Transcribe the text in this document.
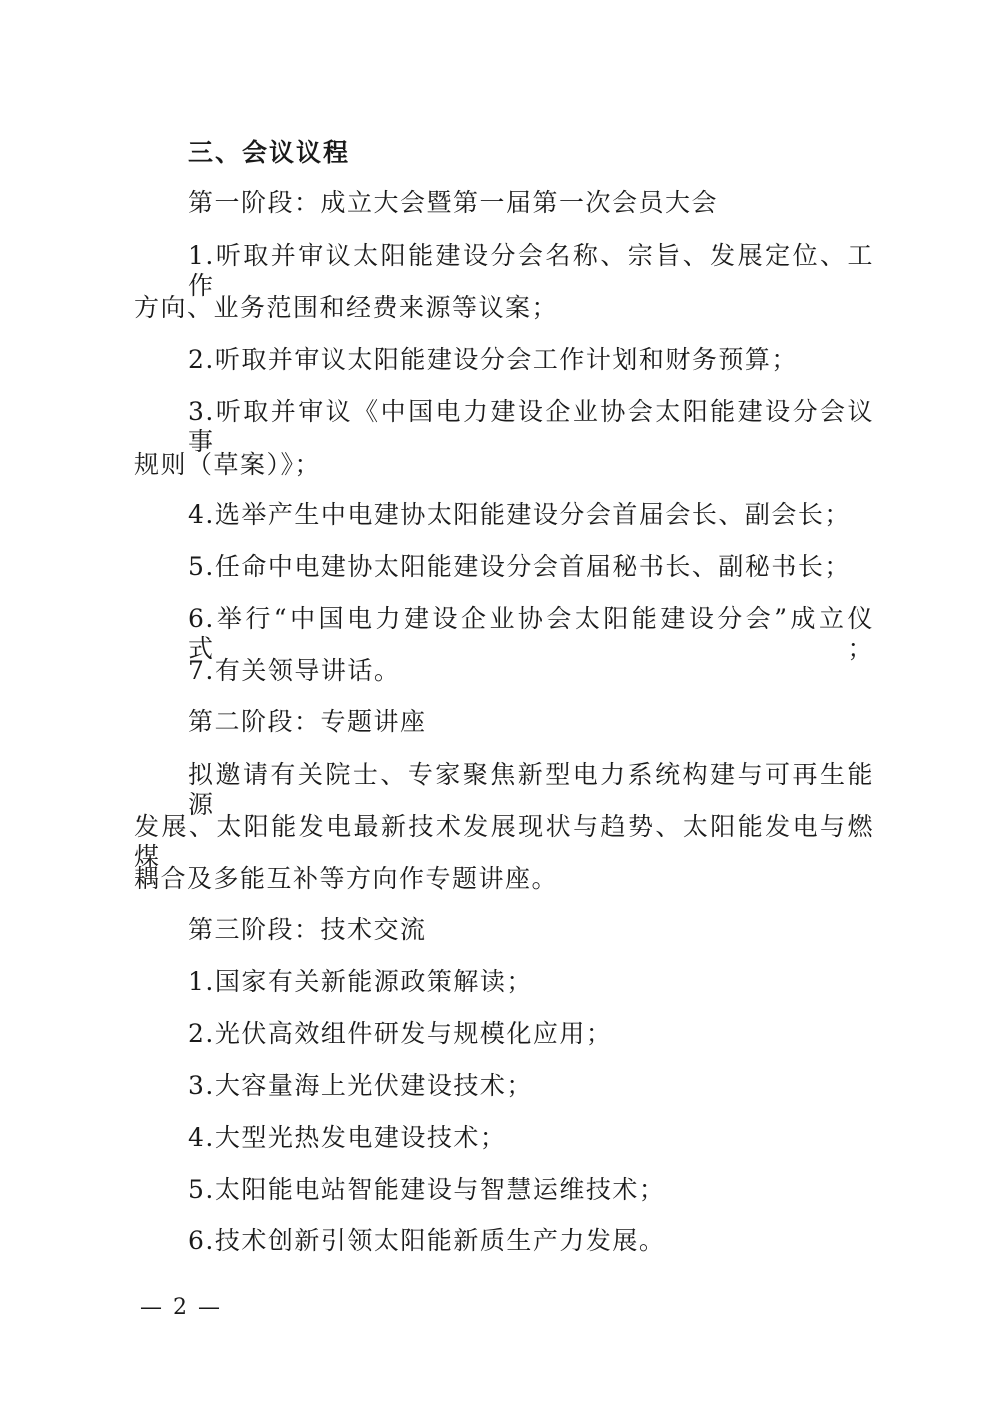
三、会议议程
第一阶段：成立大会暨第一届第一次会员大会
1.听取并审议太阳能建设分会名称、宗旨、发展定位、工作
方向、业务范围和经费来源等议案；
2.听取并审议太阳能建设分会工作计划和财务预算；
3.听取并审议《中国电力建设企业协会太阳能建设分会议事
规则（草案）》；
4.选举产生中电建协太阳能建设分会首届会长、副会长；
5.任命中电建协太阳能建设分会首届秘书长、副秘书长；
6.举行“中国电力建设企业协会太阳能建设分会”成立仪式；
7.有关领导讲话。
第二阶段：专题讲座
拟邀请有关院士、专家聚焦新型电力系统构建与可再生能源
发展、太阳能发电最新技术发展现状与趋势、太阳能发电与燃煤
耦合及多能互补等方向作专题讲座。
第三阶段：技术交流
1.国家有关新能源政策解读；
2.光伏高效组件研发与规模化应用；
3.大容量海上光伏建设技术；
4.大型光热发电建设技术；
5.太阳能电站智能建设与智慧运维技术；
6.技术创新引领太阳能新质生产力发展。
— 2 —
